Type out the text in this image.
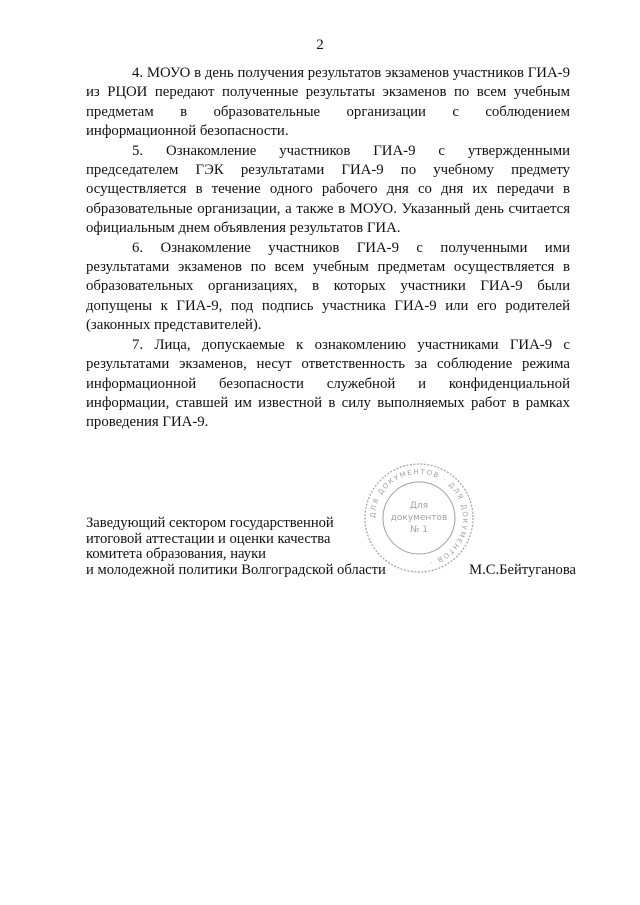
2

4. МОУО в день получения результатов экзаменов участников ГИА-9 из РЦОИ передают полученные результаты экзаменов по всем учебным предметам в образовательные организации с соблюдением информационной безопасности.

5. Ознакомление участников ГИА-9 с утвержденными председателем ГЭК результатами ГИА-9 по учебному предмету осуществляется в течение одного рабочего дня со дня их передачи в образовательные организации, а также в МОУО. Указанный день считается официальным днем объявления результатов ГИА.

6. Ознакомление участников ГИА-9 с полученными ими результатами экзаменов по всем учебным предметам осуществляется в образовательных организациях, в которых участники ГИА-9 были допущены к ГИА-9, под подпись участника ГИА-9 или его родителей (законных представителей).

7. Лица, допускаемые к ознакомлению участниками ГИА-9 с результатами экзаменов, несут ответственность за соблюдение режима информационной безопасности служебной и конфиденциальной информации, ставшей им известной в силу выполняемых работ в рамках проведения ГИА-9.

ДЛЯ ДОКУМЕНТОВ · ДЛЯ ДОКУМЕНТОВ ·
Для
документов
№ 1
Заведующий сектором государственной
итоговой аттестации и оценки качества
комитета образования, науки
и молодежной политики Волгоградской области	М.С.Бейтуганова
